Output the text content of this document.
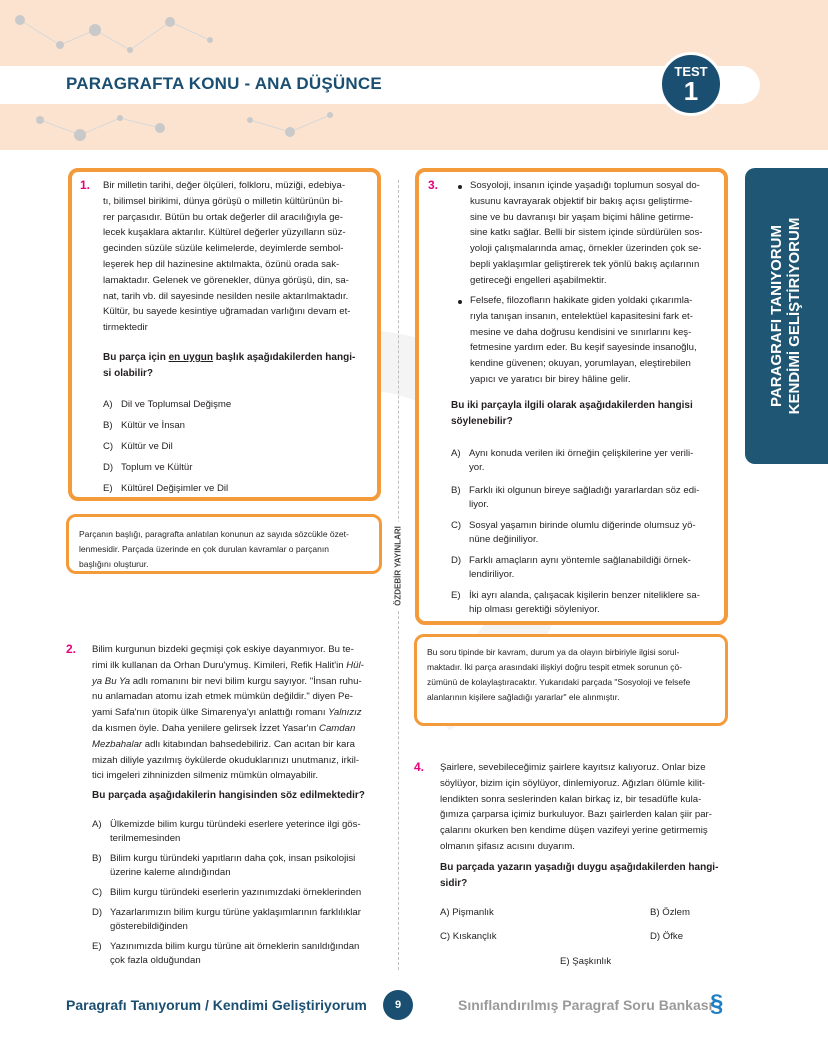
PARAGRAFTA KONU - ANA DÜŞÜNCE
TEST
1
PARAGRAFI TANIYORUM KENDİMİ GELİŞTİRİYORUM
ÖZDEBİR YAYINLARI
1. Bir milletin tarihi, değer ölçüleri, folkloru, müziği, edebiya-
tı, bilimsel birikimi, dünya görüşü o milletin kültürünün bi-
rer parçasıdır. Bütün bu ortak değerler dil aracılığıyla ge-
lecek kuşaklara aktarılır. Kültürel değerler yüzyılların süz-
gecinden süzüle süzüle kelimelerde, deyimlerde sembol-
leşerek hep dil hazinesine aktılmakta, özünü orada sak-
lamaktadır. Gelenek ve görenekler, dünya görüşü, din, sa-
nat, tarih vb. dil sayesinde nesilden nesile aktarılmaktadır.
Kültür, bu sayede kesintiye uğramadan varlığını devam et-
tirmektedir
Bu parça için en uygun başlık aşağıdakilerden hangi-
si olabilir?
A) Dil ve Toplumsal Değişme
B) Kültür ve İnsan
C) Kültür ve Dil
D) Toplum ve Kültür
E) Kültürel Değişimler ve Dil
Parçanın başlığı, paragrafta anlatılan konunun az sayıda sözcükle özet-
lenmesidir. Parçada üzerinde en çok durulan kavramlar o parçanın
başlığını oluşturur.
2. Bilim kurgunun bizdeki geçmişi çok eskiye dayanmıyor. Bu te-
rimi ilk kullanan da Orhan Duru'ymuş. Kimileri, Refik Halit'in Hül-
ya Bu Ya adlı romanını bir nevi bilim kurgu sayıyor. "İnsan ruhu-
nu anlamadan atomu izah etmek mümkün değildir." diyen Pe-
yami Safa'nın ütopik ülke Simarenya'yı anlattığı romanı Yalnızız
da kısmen öyle. Daha yenilere gelirsek İzzet Yasar'ın Camdan
Mezbahalar adlı kitabından bahsedebiliriz. Can acıtan bir kara
mizah diliyle yazılmış öykülerde okuduklarınızı unutmanız, irkil-
tici imgeleri zihninizden silmeniz mümkün olmayabilir.
Bu parçada aşağıdakilerin hangisinden söz edilmektedir?
A) Ülkemizde bilim kurgu türündeki eserlere yeterince ilgi gös-
terilmemesinden
B) Bilim kurgu türündeki yapıtların daha çok, insan psikolojisi
üzerine kaleme alındığından
C) Bilim kurgu türündeki eserlerin yazınımızdaki örneklerinden
D) Yazarlarımızın bilim kurgu türüne yaklaşımlarının farklılıklar
gösterebildiğinden
E) Yazınımızda bilim kurgu türüne ait örneklerin sanıldığından
çok fazla olduğundan
3.	Sosyoloji, insanın içinde yaşadığı toplumun sosyal do-
kusunu kavrayarak objektif bir bakış açısı geliştirme-
sine ve bu davranışı bir yaşam biçimi hâline getirme-
sine katkı sağlar. Belli bir sistem içinde sürdürülen sos-
yoloji çalışmalarında amaç, örnekler üzerinden çok se-
bepli yaklaşımlar geliştirerek tek yönlü bakış açılarının
getireceği engelleri aşabilmektir.
Felsefe, filozofların hakikate giden yoldaki çıkarımla-
rıyla tanışan insanın, entelektüel kapasitesini fark et-
mesine ve daha doğrusu kendisini ve sınırlarını keş-
fetmesine yardım eder. Bu keşif sayesinde insanoğlu,
kendine güvenen; okuyan, yorumlayan, eleştirebilen
yapıcı ve yaratıcı bir birey hâline gelir.
Bu iki parçayla ilgili olarak aşağıdakilerden hangisi
söylenebilir?
A) Aynı konuda verilen iki örneğin çelişkilerine yer verili-
yor.
B) Farklı iki olgunun bireye sağladığı yararlardan söz edi-
liyor.
C) Sosyal yaşamın birinde olumlu diğerinde olumsuz yö-
nüne değiniliyor.
D) Farklı amaçların aynı yöntemle sağlanabildiği örnek-
lendiriliyor.
E) İki ayrı alanda, çalışacak kişilerin benzer niteliklere sa-
hip olması gerektiği söyleniyor.
Bu soru tipinde bir kavram, durum ya da olayın birbiriyle ilgisi sorul-
maktadır. İki parça arasındaki ilişkiyi doğru tespit etmek sorunun çö-
zümünü de kolaylaştıracaktır. Yukarıdaki parçada "Sosyoloji ve felsefe
alanlarının kişilere sağladığı yararlar" ele alınmıştır.
4. Şairlere, sevebileceğimiz şairlere kayıtsız kalıyoruz. Onlar bize
söylüyor, bizim için söylüyor, dinlemiyoruz. Ağızları ölümle kilit-
lendikten sonra seslerinden kalan birkaç iz, bir tesadüfle kula-
ğımıza çarparsa içimiz burkuluyor. Bazı şairlerden kalan şiir par-
çalarını okurken ben kendime düşen vazifeyi yerine getirmemiş
olmanın şifasız acısını duyarım.
Bu parçada yazarın yaşadığı duygu aşağıdakilerden hangi-
sidir?
A) Pişmanlık	B) Özlem
C) Kıskançlık	D) Öfke
E) Şaşkınlık
Paragrafı Tanıyorum / Kendimi Geliştiriyorum	9	Sınıflandırılmış Paragraf Soru Bankası
§
